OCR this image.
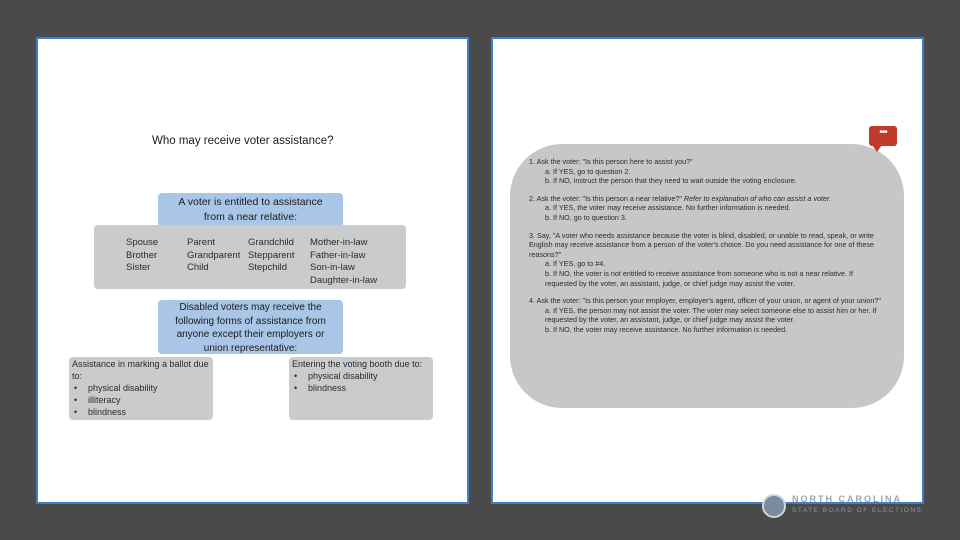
Who may receive voter assistance?
A voter is entitled to assistance
from a near relative:
Spouse
Brother
Sister
Parent
Grandparent
Child
Grandchild
Stepparent
Stepchild
Mother-in-law
Father-in-law
Son-in-law
Daughter-in-law
Disabled voters may receive the
following forms of assistance from
anyone except their employers or
union representative:
Assistance in marking a ballot due to:
• physical disability
• illiteracy
• blindness
Entering the voting booth due to:
• physical disability
• blindness
•••
1. Ask the voter: "Is this person here to assist you?"
a. If YES, go to question 2.
b. If NO, instruct the person that they need to wait outside the voting enclosure.
2. Ask the voter: "Is this person a near relative?" Refer to explanation of who can assist a voter.
a. If YES, the voter may receive assistance. No further information is needed.
b. If NO, go to question 3.
3. Say, "A voter who needs assistance because the voter is blind, disabled, or unable to read, speak, or write English may receive assistance from a person of the voter's choice. Do you need assistance for one of these reasons?"
a. If YES, go to #4.
b. If NO, the voter is not entitled to receive assistance from someone who is not a near relative. If requested by the voter, an assistant, judge, or chief judge may assist the voter.
4. Ask the voter: "Is this person your employer, employer's agent, officer of your union, or agent of your union?"
a. If YES, the person may not assist the voter. The voter may select someone else to assist him or her. If requested by the voter, an assistant, judge, or chief judge may assist the voter.
b. If NO, the voter may receive assistance. No further information is needed.
NORTH CAROLINA
STATE BOARD OF ELECTIONS
